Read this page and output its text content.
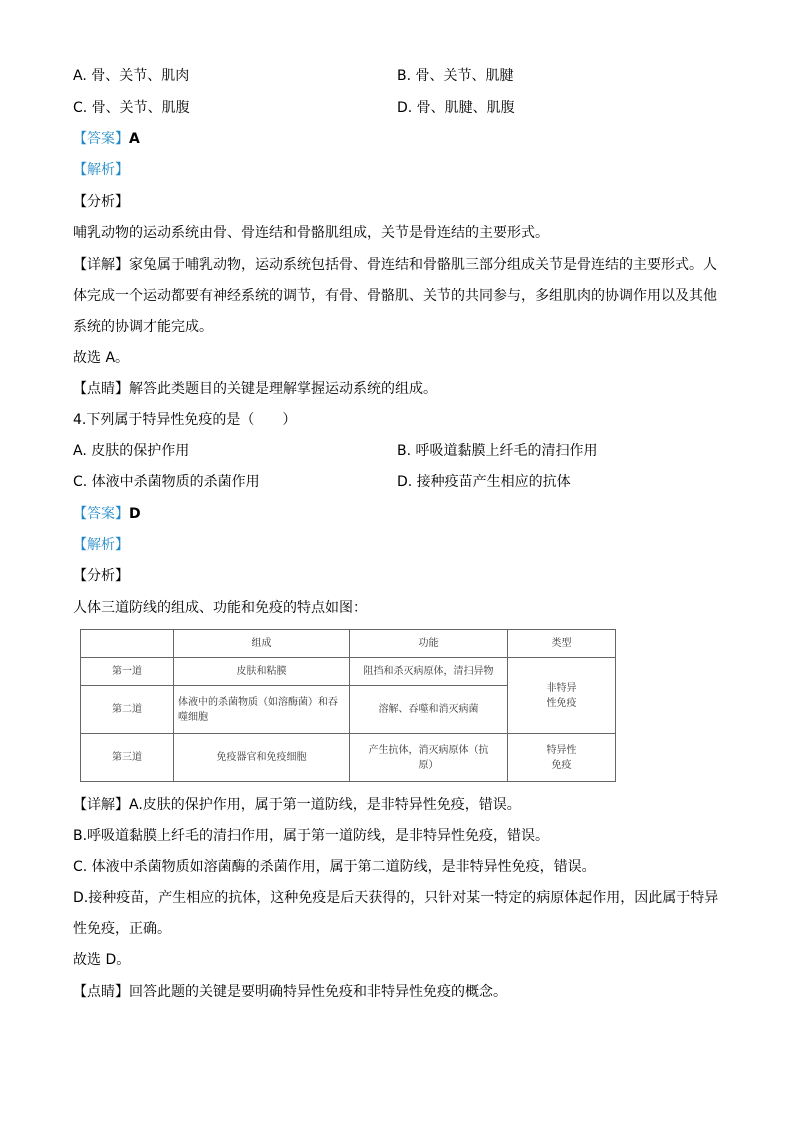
A. 骨、关节、肌肉	B. 骨、关节、肌腱
C. 骨、关节、肌腹	D. 骨、肌腱、肌腹
【答案】A
【解析】
【分析】
哺乳动物的运动系统由骨、骨连结和骨骼肌组成，关节是骨连结的主要形式。
【详解】家兔属于哺乳动物，运动系统包括骨、骨连结和骨骼肌三部分组成关节是骨连结的主要形式。人
体完成一个运动都要有神经系统的调节，有骨、骨骼肌、关节的共同参与，多组肌肉的协调作用以及其他
系统的协调才能完成。
故选 A。
【点睛】解答此类题目的关键是理解掌握运动系统的组成。
4.下列属于特异性免疫的是（　　）
A. 皮肤的保护作用	B. 呼吸道黏膜上纤毛的清扫作用
C. 体液中杀菌物质的杀菌作用	D. 接种疫苗产生相应的抗体
【答案】D
【解析】
【分析】
人体三道防线的组成、功能和免疫的特点如图：
	组成	功能	类型
第一道	皮肤和粘膜	阻挡和杀灭病原体，清扫异物	非特异
性免疫
第二道	体液中的杀菌物质（如溶酶菌）和吞
噬细胞	溶解、吞噬和消灭病菌	
第三道	免疫器官和免疫细胞	产生抗体，消灭病原体（抗
原）	特异性
免疫
【详解】A.皮肤的保护作用，属于第一道防线，是非特异性免疫，错误。
B.呼吸道黏膜上纤毛的清扫作用，属于第一道防线，是非特异性免疫，错误。
C. 体液中杀菌物质如溶菌酶的杀菌作用，属于第二道防线，是非特异性免疫，错误。
D.接种疫苗，产生相应的抗体，这种免疫是后天获得的，只针对某一特定的病原体起作用，因此属于特异
性免疫，正确。
故选 D。
【点睛】回答此题的关键是要明确特异性免疫和非特异性免疫的概念。
